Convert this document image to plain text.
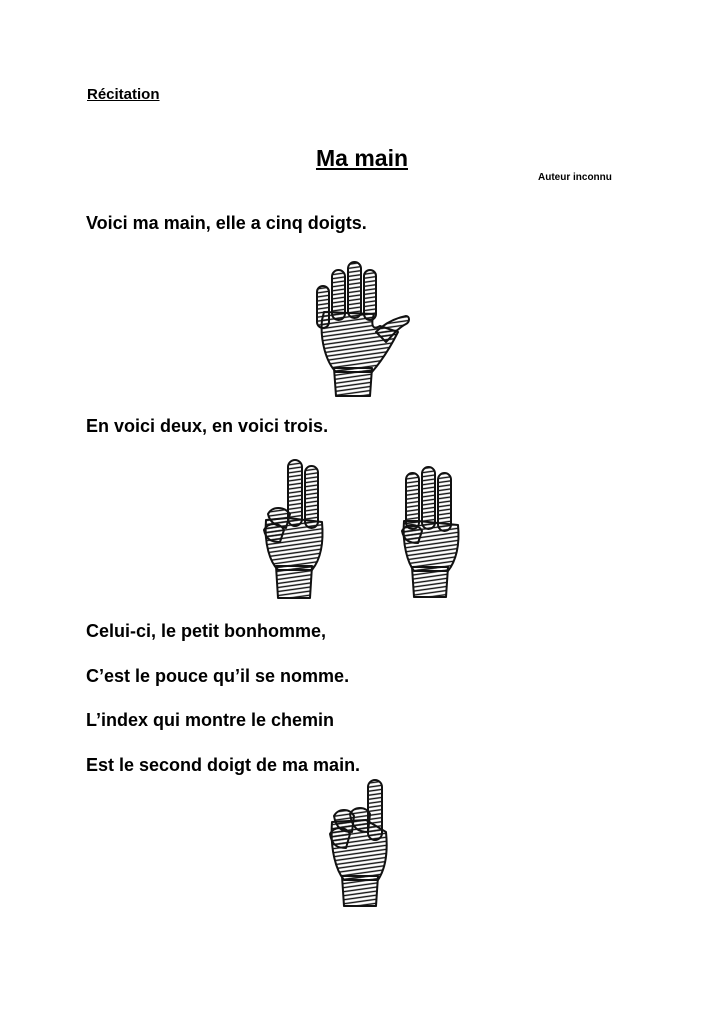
Récitation
Ma main
Auteur inconnu
Voici ma main, elle a cinq doigts.
En voici deux, en voici trois.
Celui-ci, le petit bonhomme,
C’est le pouce qu’il se nomme.
L’index qui montre le chemin
Est le second doigt de ma main.
